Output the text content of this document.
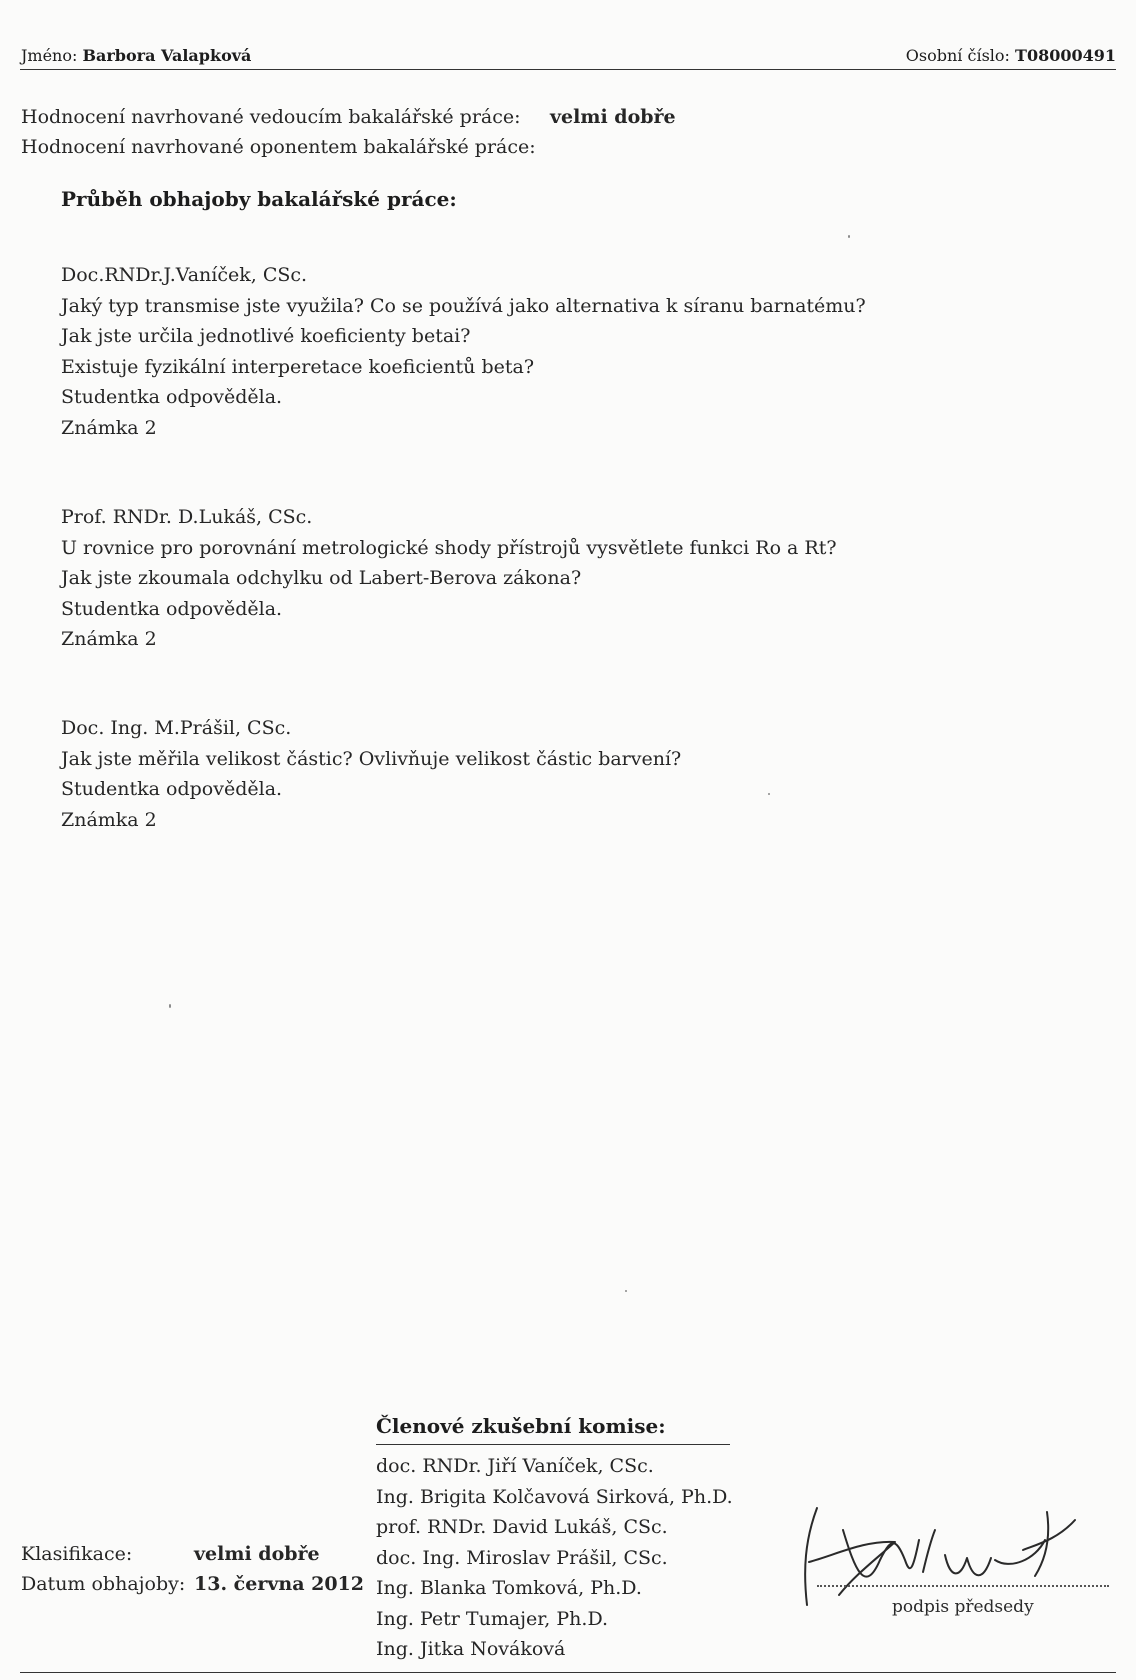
Jméno: Barbora Valapková	Osobní číslo: T08000491
Hodnocení navrhované vedoucím bakalářské práce: velmi dobře
Hodnocení navrhované oponentem bakalářské práce:
Průběh obhajoby bakalářské práce:
Doc.RNDr.J.Vaníček, CSc.
Jaký typ transmise jste využila? Co se používá jako alternativa k síranu barnatému?
Jak jste určila jednotlivé koeficienty betai?
Existuje fyzikální interperetace koeficientů beta?
Studentka odpověděla.
Známka 2
Prof. RNDr. D.Lukáš, CSc.
U rovnice pro porovnání metrologické shody přístrojů vysvětlete funkci Ro a Rt?
Jak jste zkoumala odchylku od Labert-Berova zákona?
Studentka odpověděla.
Známka 2
Doc. Ing. M.Prášil, CSc.
Jak jste měřila velikost částic? Ovlivňuje velikost částic barvení?
Studentka odpověděla.
Známka 2
Členové zkušební komise:
doc. RNDr. Jiří Vaníček, CSc.
Ing. Brigita Kolčavová Sirková, Ph.D.
prof. RNDr. David Lukáš, CSc.
doc. Ing. Miroslav Prášil, CSc.
Ing. Blanka Tomková, Ph.D.
Ing. Petr Tumajer, Ph.D.
Ing. Jitka Nováková
Klasifikace:	velmi dobře
Datum obhajoby: 13. června 2012
podpis předsedy
